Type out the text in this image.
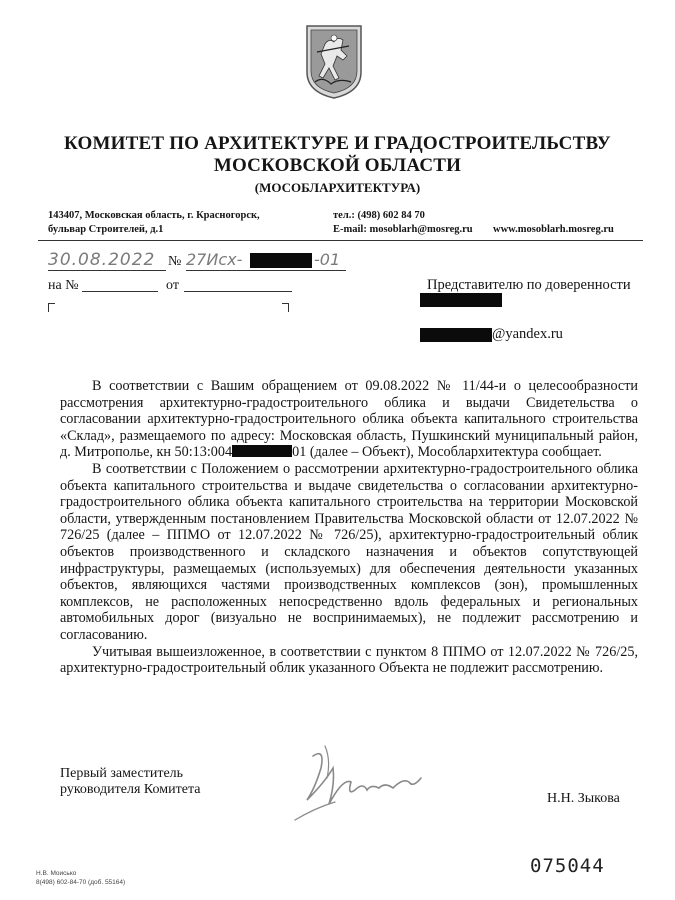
КОМИТЕТ ПО АРХИТЕКТУРЕ И ГРАДОСТРОИТЕЛЬСТВУ
МОСКОВСКОЙ ОБЛАСТИ
(МОСОБЛАРХИТЕКТУРА)
143407, Московская область, г. Красногорск,
бульвар Строителей, д.1
тел.: (498) 602 84 70
E-mail: mosoblarh@mosreg.ru www.mosoblarh.mosreg.ru
30.08.2022 № 27Исх-	-01
на №	от	Представителю по доверенности
@yandex.ru

В соответствии с Вашим обращением от 09.08.2022 № 11/44-и о целесообразности рассмотрения архитектурно-градостроительного облика и выдачи Свидетельства о согласовании архитектурно-градостроительного облика объекта капитального строительства «Склад», размещаемого по адресу: Московская область, Пушкинский муниципальный район, д. Митрополье, кн 50:13:004	01 (далее – Объект), Мособлархитектура сообщает.

В соответствии с Положением о рассмотрении архитектурно-градостроительного облика объекта капитального строительства и выдаче свидетельства о согласовании архитектурно-градостроительного облика объекта капитального строительства на территории Московской области, утвержденным постановлением Правительства Московской области от 12.07.2022 № 726/25 (далее – ППМО от 12.07.2022 № 726/25), архитектурно-градостроительный облик объектов производственного и складского назначения и объектов сопутствующей инфраструктуры, размещаемых (используемых) для обеспечения деятельности указанных объектов, являющихся частями производственных комплексов (зон), промышленных комплексов, не расположенных непосредственно вдоль федеральных и региональных автомобильных дорог (визуально не воспринимаемых), не подлежит рассмотрению и согласованию.

Учитывая вышеизложенное, в соответствии с пунктом 8 ППМО от 12.07.2022 № 726/25, архитектурно-градостроительный облик указанного Объекта не подлежит рассмотрению.

Первый заместитель
руководителя Комитета
Н.Н. Зыкова
075044
Н.В. Моисько
8(498) 602-84-70 (доб. 55164)
